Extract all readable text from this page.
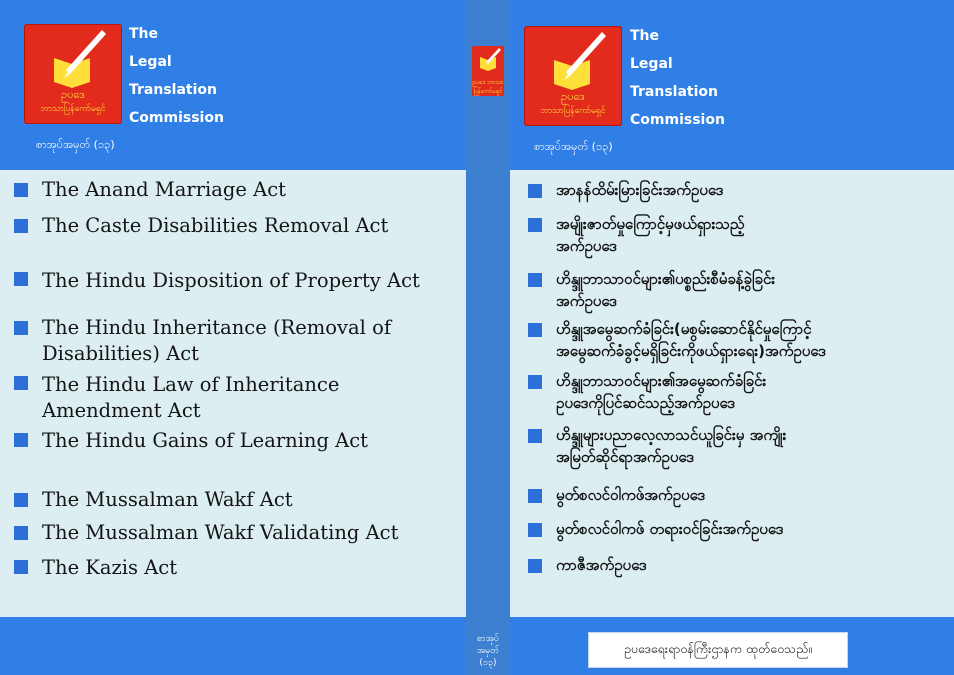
ဥပဒေ
ဘာသာပြန်ကော်မရှင်
The
Legal
Translation
Commission
စာအုပ်အမှတ် (၁၃)
The Anand Marriage Act
The Caste Disabilities Removal Act
The Hindu Disposition of Property Act
The Hindu Inheritance (Removal of
Disabilities) Act
The Hindu Law of Inheritance
Amendment Act
The Hindu Gains of Learning Act
The Mussalman Wakf Act
The Mussalman Wakf Validating Act
The Kazis Act
ဥပဒေ ဘာသာပြန်ကော်မရှင်
စာအုပ်
အမှတ်
(၁၃)
ဥပဒေ
ဘာသာပြန်ကော်မရှင်
The
Legal
Translation
Commission
စာအုပ်အမှတ် (၁၃)
အာနန်ထိမ်းမြားခြင်းအက်ဥပဒေ
အမျိုးဇာတ်မှုကြောင့်မှဖယ်ရှားသည့်
အက်ဥပဒေ
ဟိန္ဒူဘာသာဝင်များ၏ပစ္စည်းစီမံခန့်ခွဲခြင်း
အက်ဥပဒေ
ဟိန္ဒူအမွေဆက်ခံခြင်း(မစွမ်းဆောင်နိုင်မှုကြောင့်
အမွေဆက်ခံခွင့်မရှိခြင်းကိုဖယ်ရှားရေး)အက်ဥပဒေ
ဟိန္ဒူဘာသာဝင်များ၏အမွေဆက်ခံခြင်း
ဥပဒေကိုပြင်ဆင်သည့်အက်ဥပဒေ
ဟိန္ဒူများပညာလေ့လာသင်ယူခြင်းမှ အကျိုး
အမြတ်ဆိုင်ရာအက်ဥပဒေ
မွတ်စလင်ဝါကဖ်အက်ဥပဒေ
မွတ်စလင်ဝါကဖ် တရားဝင်ခြင်းအက်ဥပဒေ
ကာဇီအက်ဥပဒေ
ဥပဒေရေးရာဝန်ကြီးဌာနက ထုတ်ဝေသည်။
